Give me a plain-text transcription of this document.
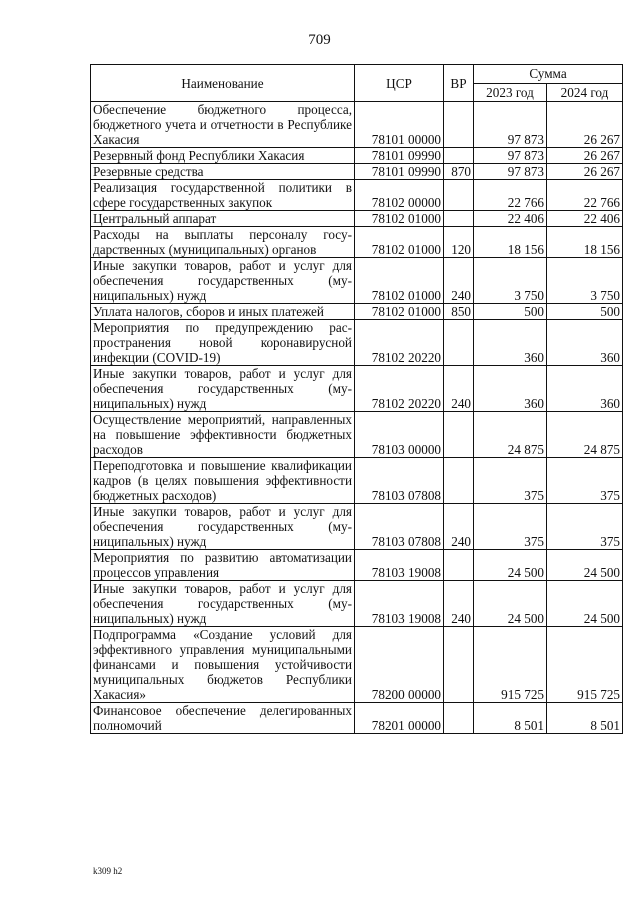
709
Наименование	ЦСР	ВР	Сумма	
			2023 год	2024 год
Обеспечение бюджетного процесса, бюджетного учета и отчетности в Республике Хакасия	78101 00000		97 873	26 267
Резервный фонд Республики Хакасия	78101 09990		97 873	26 267
Резервные средства	78101 09990	870	97 873	26 267
Реализация государственной политики в сфере государственных закупок	78102 00000		22 766	22 766
Центральный аппарат	78102 01000		22 406	22 406
Расходы на выплаты персоналу государственных (муниципальных) органов	78102 01000	120	18 156	18 156
Иные закупки товаров, работ и услуг для обеспечения государственных (муниципальных) нужд	78102 01000	240	3 750	3 750
Уплата налогов, сборов и иных платежей	78102 01000	850	500	500
Мероприятия по предупреждению распространения новой коронавирусной инфекции (COVID-19)	78102 20220		360	360
Иные закупки товаров, работ и услуг для обеспечения государственных (муниципальных) нужд	78102 20220	240	360	360
Осуществление мероприятий, направленных на повышение эффективности бюджетных расходов	78103 00000		24 875	24 875
Переподготовка и повышение квалификации кадров (в целях повышения эффективности бюджетных расходов)	78103 07808		375	375
Иные закупки товаров, работ и услуг для обеспечения государственных (муниципальных) нужд	78103 07808	240	375	375
Мероприятия по развитию автоматизации процессов управления	78103 19008		24 500	24 500
Иные закупки товаров, работ и услуг для обеспечения государственных (муниципальных) нужд	78103 19008	240	24 500	24 500
Подпрограмма «Создание условий для эффективного управления муниципальными финансами и повышения устойчивости муниципальных бюджетов Республики Хакасия»	78200 00000		915 725	915 725
Финансовое обеспечение делегированных полномочий	78201 00000		8 501	8 501
k309 h2
